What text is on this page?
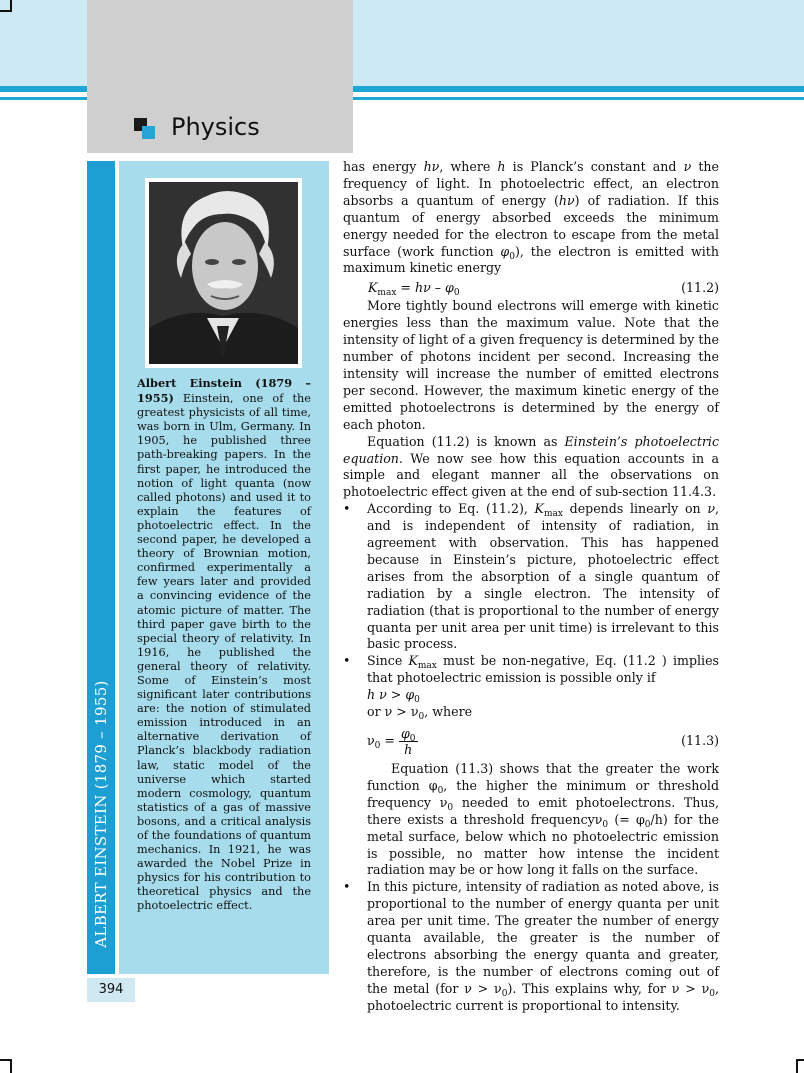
Physics
ALBERT EINSTEIN (1879 – 1955)
Albert Einstein (1879 – 1955) Einstein, one of the greatest physicists of all time, was born in Ulm, Germany. In 1905, he published three path-breaking papers. In the first paper, he introduced the notion of light quanta (now called photons) and used it to explain the features of photoelectric effect. In the second paper, he developed a theory of Brownian motion, confirmed experimentally a few years later and provided a convincing evidence of the atomic picture of matter. The third paper gave birth to the special theory of relativity. In 1916, he published the general theory of relativity. Some of Einstein’s most significant later contributions are: the notion of stimulated emission introduced in an alternative derivation of Planck’s blackbody radiation law, static model of the universe which started modern cosmology, quantum statistics of a gas of massive bosons, and a critical analysis of the foundations of quantum mechanics. In 1921, he was awarded the Nobel Prize in physics for his contribution to theoretical physics and the photoelectric effect.
394

has energy hν, where h is Planck’s constant and ν the frequency of light. In photoelectric effect, an electron absorbs a quantum of energy (hν) of radiation. If this quantum of energy absorbed exceeds the minimum energy needed for the electron to escape from the metal surface (work function $\varphi_0$), the electron is emitted with maximum kinetic energy

$K_{max} = h\nu - \varphi_0$	(11.2)

More tightly bound electrons will emerge with kinetic energies less than the maximum value. Note that the intensity of light of a given frequency is determined by the number of photons incident per second. Increasing the intensity will increase the number of emitted electrons per second. However, the maximum kinetic energy of the emitted photoelectrons is determined by the energy of each photon.

Equation (11.2) is known as Einstein’s photoelectric equation. We now see how this equation accounts in a simple and elegant manner all the observations on photoelectric effect given at the end of sub-section 11.4.3.

• According to Eq. (11.2), $K_{max}$ depends linearly on ν, and is independent of intensity of radiation, in agreement with observation. This has happened because in Einstein’s picture, photoelectric effect arises from the absorption of a single quantum of radiation by a single electron. The intensity of radiation (that is proportional to the number of energy quanta per unit area per unit time) is irrelevant to this basic process.

• Since $K_{max}$ must be non-negative, Eq. (11.2 ) implies that photoelectric emission is possible only if

h $\nu > \varphi_0$
or $\nu > \nu_0$, where
$\nu_0 = \frac{\varphi_0}{h}$	(11.3)

Equation (11.3) shows that the greater the work function $\varphi_0$, the higher the minimum or threshold frequency $\nu_0$ needed to emit photoelectrons. Thus, there exists a threshold frequencyν$_0$ (= $\varphi_0/h$) for the metal surface, below which no photoelectric emission is possible, no matter how intense the incident radiation may be or how long it falls on the surface.

• In this picture, intensity of radiation as noted above, is proportional to the number of energy quanta per unit area per unit time. The greater the number of energy quanta available, the greater is the number of electrons absorbing the energy quanta and greater, therefore, is the number of electrons coming out of the metal (for $\nu > \nu_0$). This explains why, for $\nu > \nu_0$, photoelectric current is proportional to intensity.
